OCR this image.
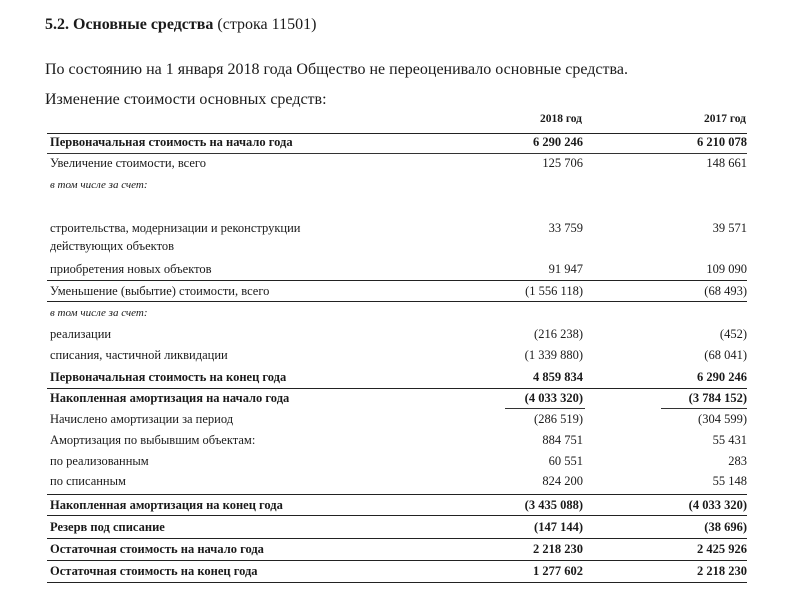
5.2. Основные средства (строка 11501)
По состоянию на 1 января 2018 года Общество не переоценивало основные средства.
Изменение стоимости основных средств:
2018 год	2017 год
Первоначальная стоимость на начало года	6 290 246	6 210 078
Увеличение стоимости, всего	125 706	148 661
в том числе за счет:
строительства, модернизации и реконструкции	33 759	39 571
действующих объектов
приобретения новых объектов	91 947	109 090
Уменьшение (выбытие) стоимости, всего	(1 556 118)	(68 493)
в том числе за счет:
реализации	(216 238)	(452)
списания, частичной ликвидации	(1 339 880)	(68 041)
Первоначальная стоимость на конец года	4 859 834	6 290 246
Накопленная амортизация на начало года	(4 033 320)	(3 784 152)
Начислено амортизации за период	(286 519)	(304 599)
Амортизация по выбывшим объектам:	884 751	55 431
по реализованным	60 551	283
по списанным	824 200	55 148
Накопленная амортизация на конец года	(3 435 088)	(4 033 320)
Резерв под списание	(147 144)	(38 696)
Остаточная стоимость на начало года	2 218 230	2 425 926
Остаточная стоимость на конец года	1 277 602	2 218 230
